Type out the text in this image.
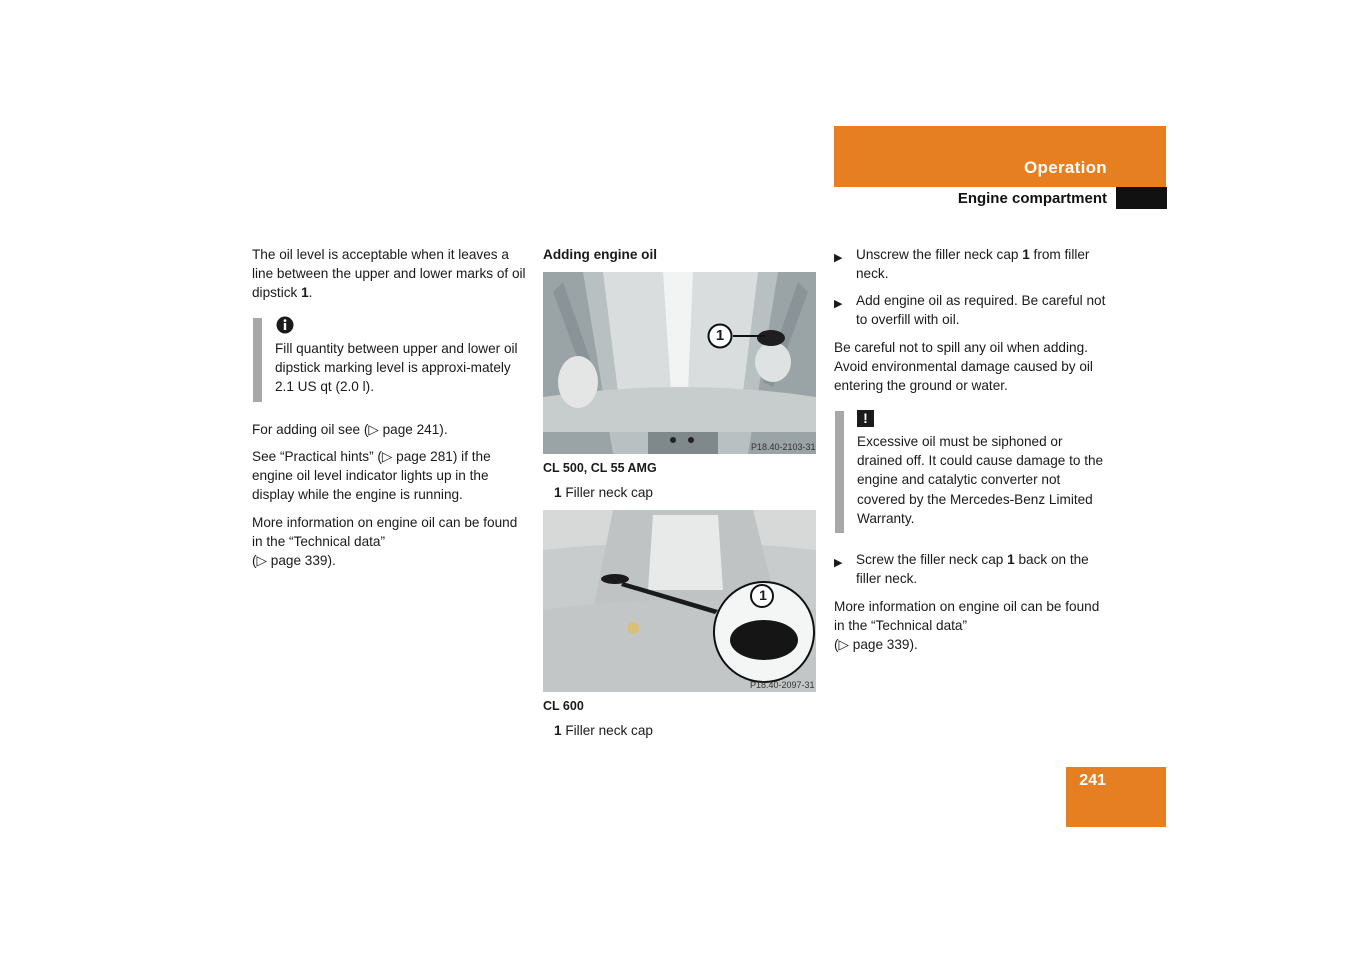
Operation
Engine compartment

The oil level is acceptable when it leaves a line between the upper and lower marks of oil dipstick 1.

Fill quantity between upper and lower oil dipstick marking level is approxi-mately 2.1 US qt (2.0 l).

For adding oil see (▷ page 241).

See “Practical hints” (▷ page 281) if the engine oil level indicator lights up in the display while the engine is running.

More information on engine oil can be found in the “Technical data”
(▷ page 339).

Adding engine oil

1
P18.40-2103-31

CL 500, CL 55 AMG

1 Filler neck cap

1
P18.40-2097-31

CL 600

1 Filler neck cap

▶ Unscrew the filler neck cap 1 from filler neck.
▶ Add engine oil as required. Be careful not to overfill with oil.

Be careful not to spill any oil when adding. Avoid environmental damage caused by oil entering the ground or water.

!

Excessive oil must be siphoned or drained off. It could cause damage to the engine and catalytic converter not covered by the Mercedes-Benz Limited Warranty.

▶ Screw the filler neck cap 1 back on the filler neck.

More information on engine oil can be found in the “Technical data”
(▷ page 339).

241
